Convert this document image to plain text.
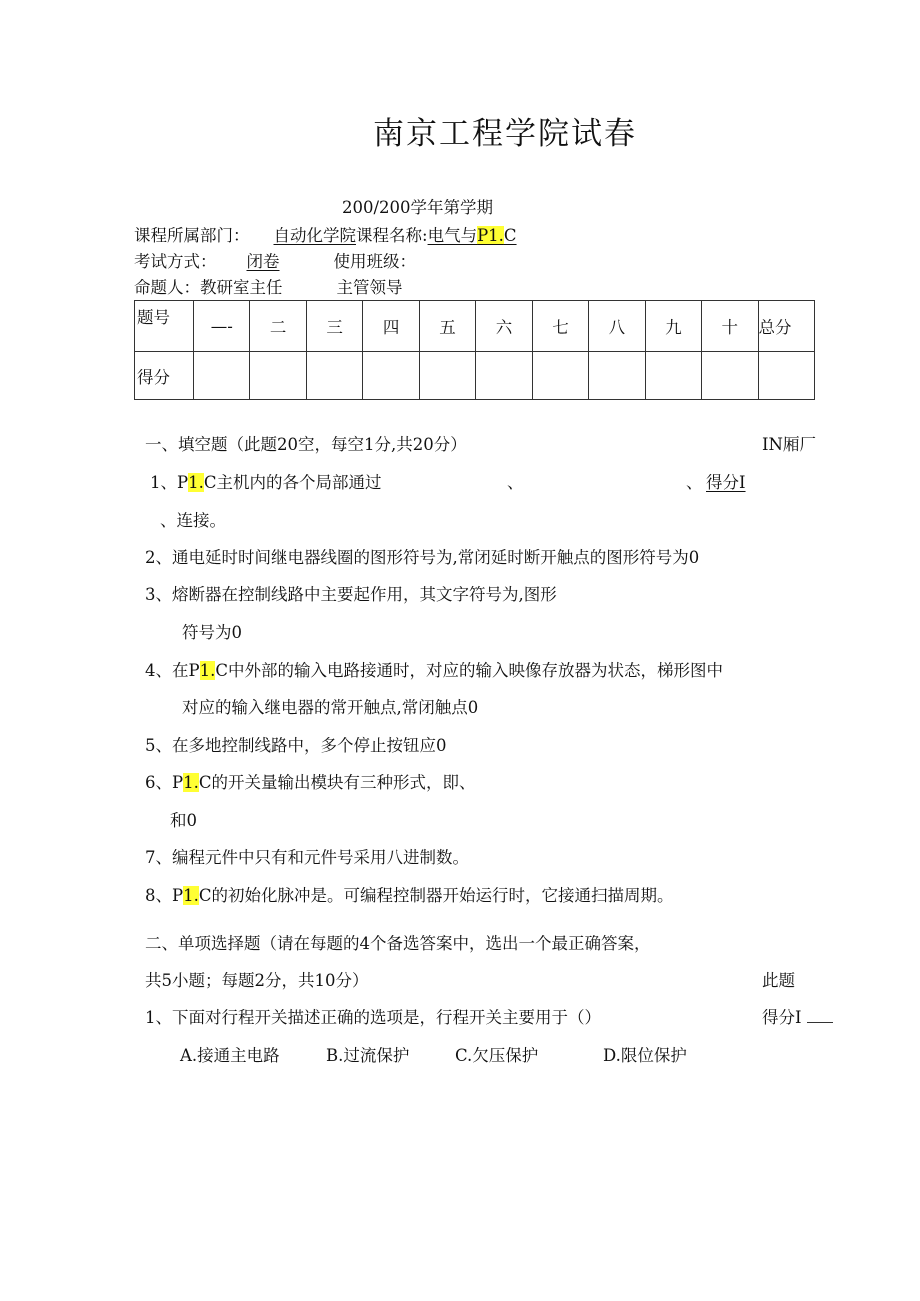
南京工程学院试春
200/200学年第学期
课程所属部门： 自动化学院课程名称:电气与P1.C
考试方式： 闭卷	使用班级：
命题人：教研室主任	主管领导
题号	—-	二	三	四	五	六	七	八	九	十	总分
得分											
一、填空题（此题20空，每空1分,共20分）	IN厢厂
1、P1.C主机内的各个局部通过	、	、 得分I
、连接。
2、通电延时时间继电器线圈的图形符号为,常闭延时断开触点的图形符号为0
3、熔断器在控制线路中主要起作用，其文字符号为,图形
符号为0
4、在P1.C中外部的输入电路接通时，对应的输入映像存放器为状态，梯形图中
对应的输入继电器的常开触点,常闭触点0
5、在多地控制线路中，多个停止按钮应0
6、P1.C的开关量输出模块有三种形式，即、
和0
7、编程元件中只有和元件号采用八进制数。
8、P1.C的初始化脉冲是。可编程控制器开始运行时，它接通扫描周期。
二、单项选择题（请在每题的4个备选答案中，选出一个最正确答案，
共5小题；每题2分，共10分）	此题
1、下面对行程开关描述正确的选项是，行程开关主要用于（）	得分I
A.接通主电路	B.过流保护	C.欠压保护	D.限位保护
